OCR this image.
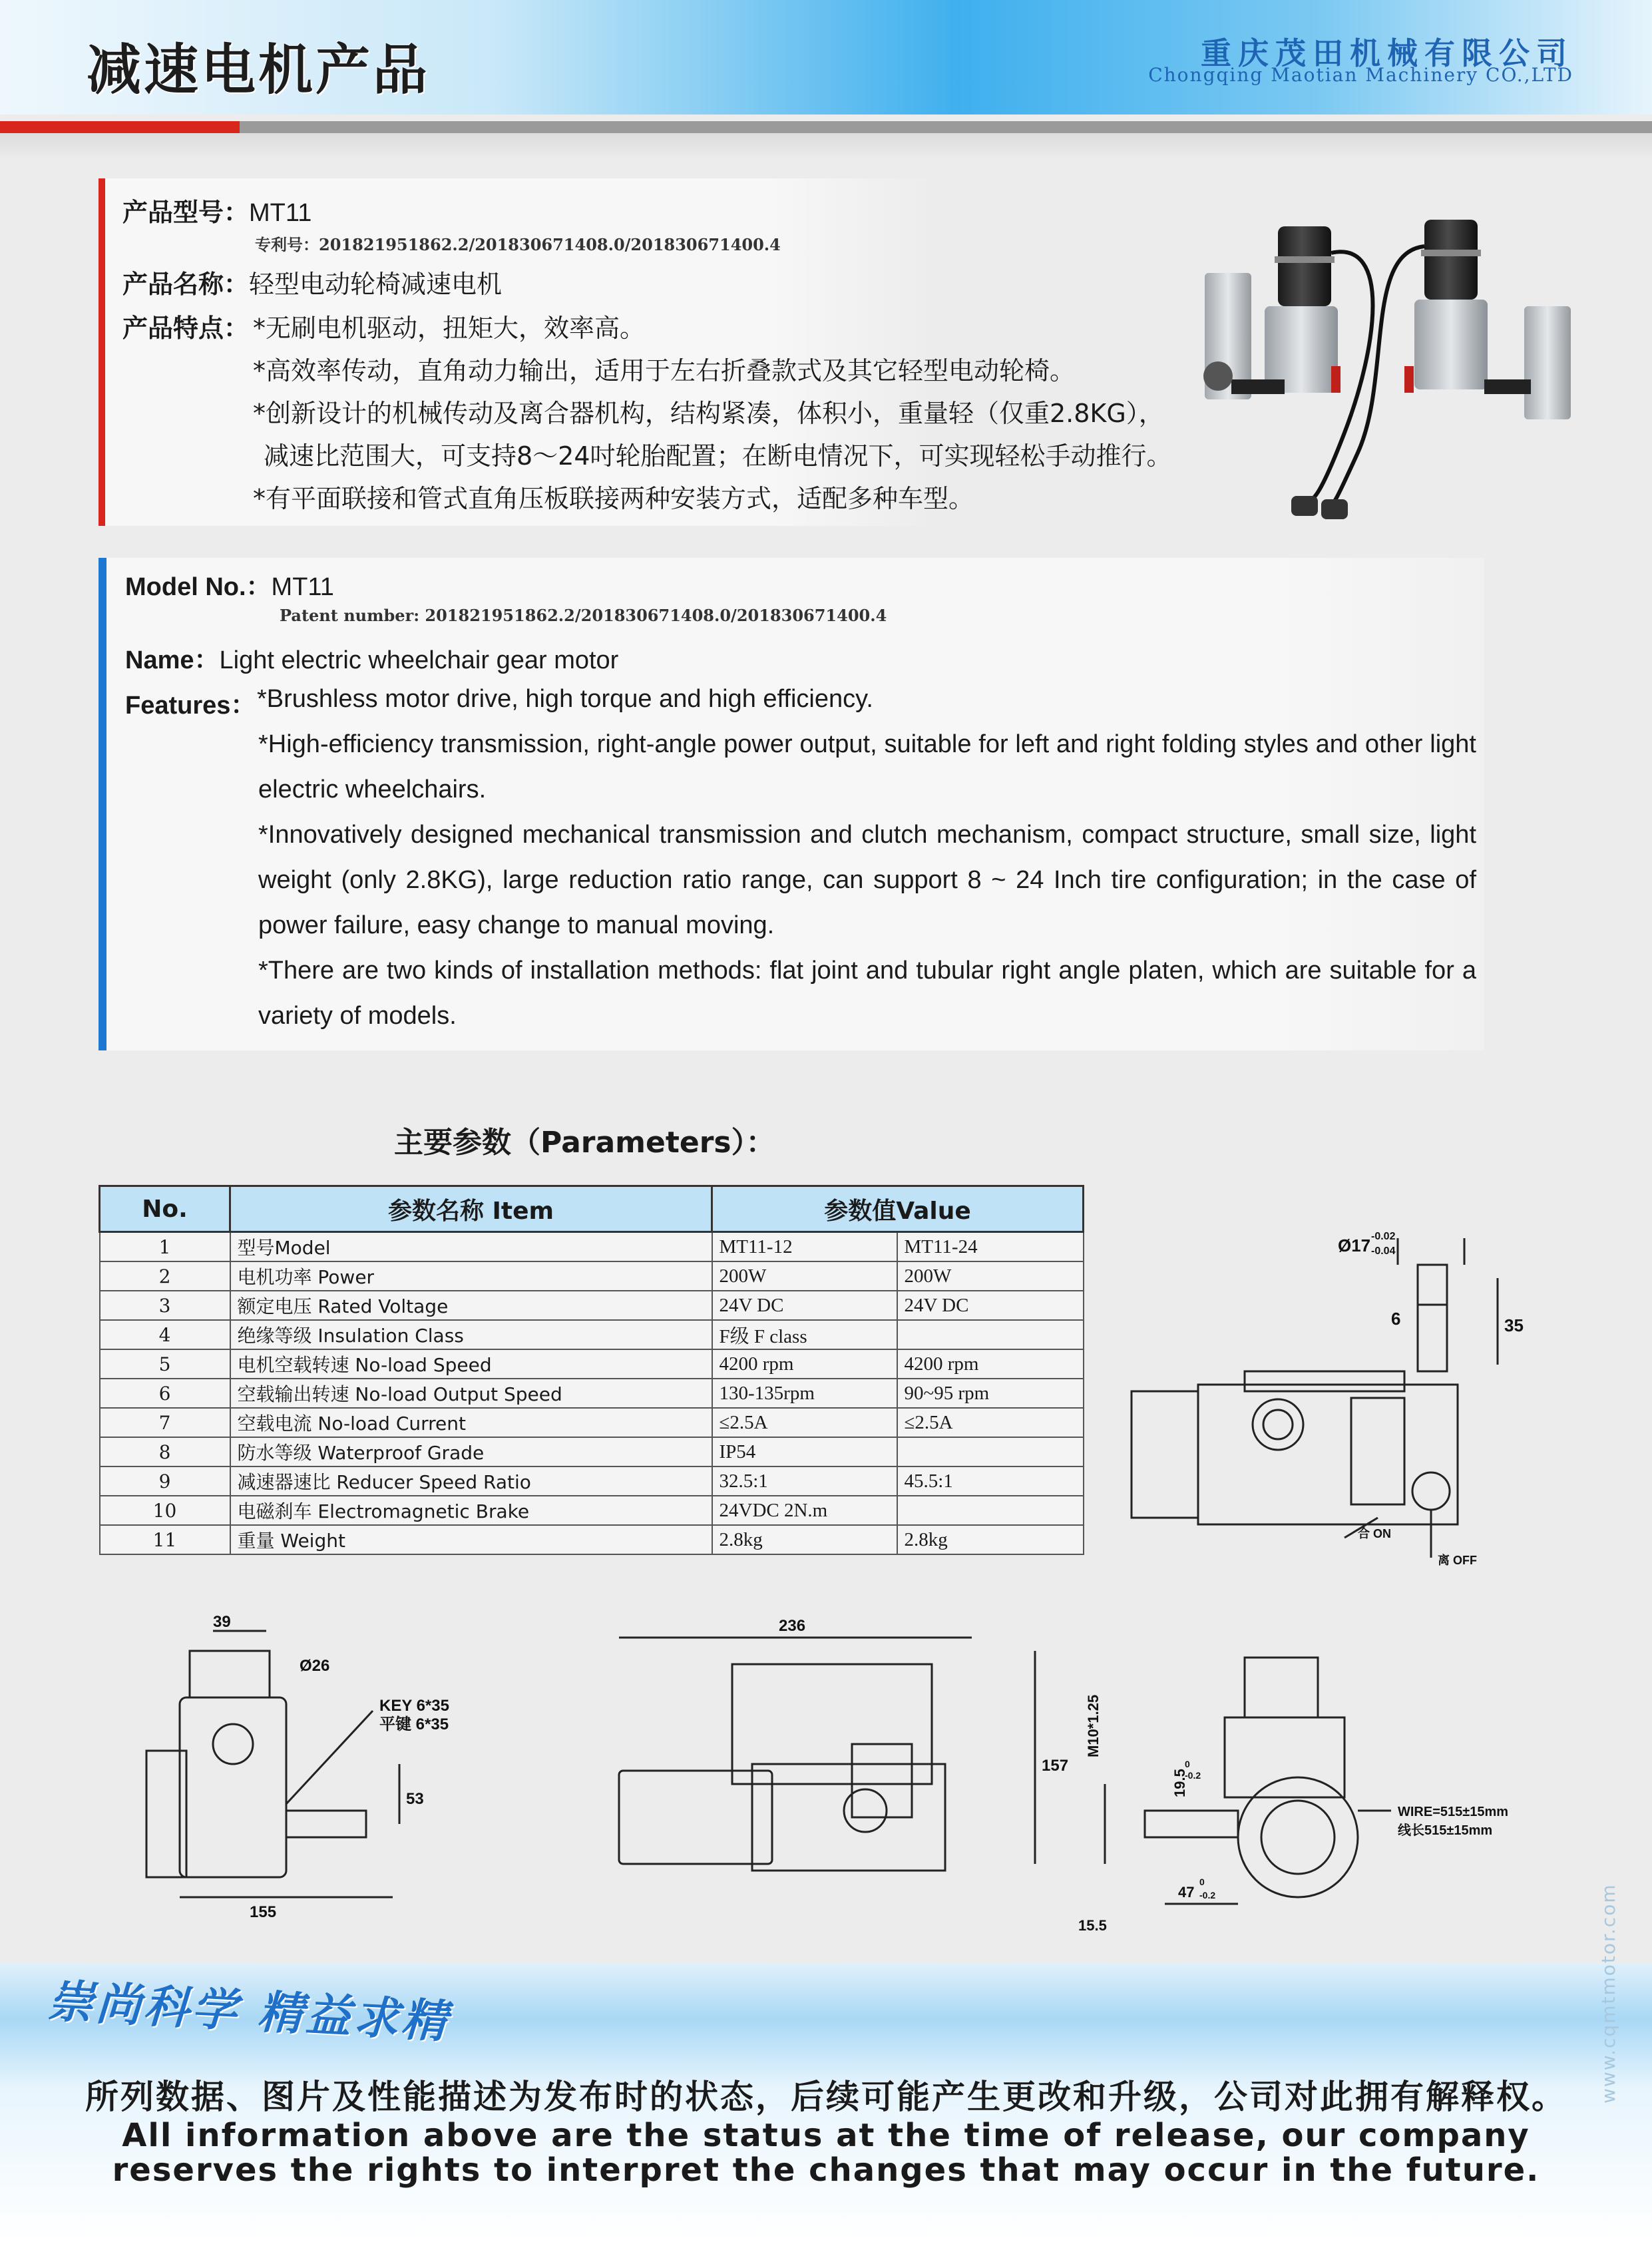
减速电机产品	重庆茂田机械有限公司
Chongqing Maotian Machinery CO.,LTD
产品型号：MT11
专利号：201821951862.2/201830671408.0/201830671400.4
产品名称：轻型电动轮椅减速电机
产品特点： *无刷电机驱动，扭矩大，效率高。
*高效率传动，直角动力输出，适用于左右折叠款式及其它轻型电动轮椅。
*创新设计的机械传动及离合器机构，结构紧凑，体积小，重量轻（仅重2.8KG），
减速比范围大，可支持8～24吋轮胎配置；在断电情况下，可实现轻松手动推行。
*有平面联接和管式直角压板联接两种安装方式，适配多种车型。
Model No.：MT11
Patent number: 201821951862.2/201830671408.0/201830671400.4
Name：Light electric wheelchair gear motor
Features： *Brushless motor drive, high torque and high efficiency.
*High-efficiency transmission, right-angle power output, suitable for left and right folding styles and other light electric wheelchairs.
*Innovatively designed mechanical transmission and clutch mechanism, compact structure, small size, light weight (only 2.8KG), large reduction ratio range, can support 8 ~ 24 Inch tire configuration; in the case of power failure, easy change to manual moving.
*There are two kinds of installation methods: flat joint and tubular right angle platen, which are suitable for a variety of models.
主要参数（Parameters）：
No.	参数名称 Item	参数值Value	
1	型号Model	MT11-12	MT11-24
2	电机功率 Power	200W	200W
3	额定电压 Rated Voltage	24V DC	24V DC
4	绝缘等级 Insulation Class	F级 F class	
5	电机空载转速 No-load Speed	4200 rpm	4200 rpm
6	空载输出转速 No-load Output Speed	130-135rpm	90~95 rpm
7	空载电流 No-load Current	≤2.5A	≤2.5A
8	防水等级 Waterproof Grade	IP54	
9	减速器速比 Reducer Speed Ratio	32.5:1	45.5:1
10	电磁刹车 Electromagnetic Brake	24VDC 2N.m	
11	重量 Weight	2.8kg	2.8kg
Ø17 -0.02
-0.04
6	35
合 ON
离 OFF
39
Ø26
KEY 6*35
平键 6*35
53
155
236
157
M10*1.25
19.5
0
-0.2
47
0
-0.2
15.5
WIRE=515±15mm
线长515±15mm
崇尚科学 精益求精
所列数据、图片及性能描述为发布时的状态，后续可能产生更改和升级，公司对此拥有解释权。
All information above are the status at the time of release, our company
reserves the rights to interpret the changes that may occur in the future.
www.cqmtmotor.com
